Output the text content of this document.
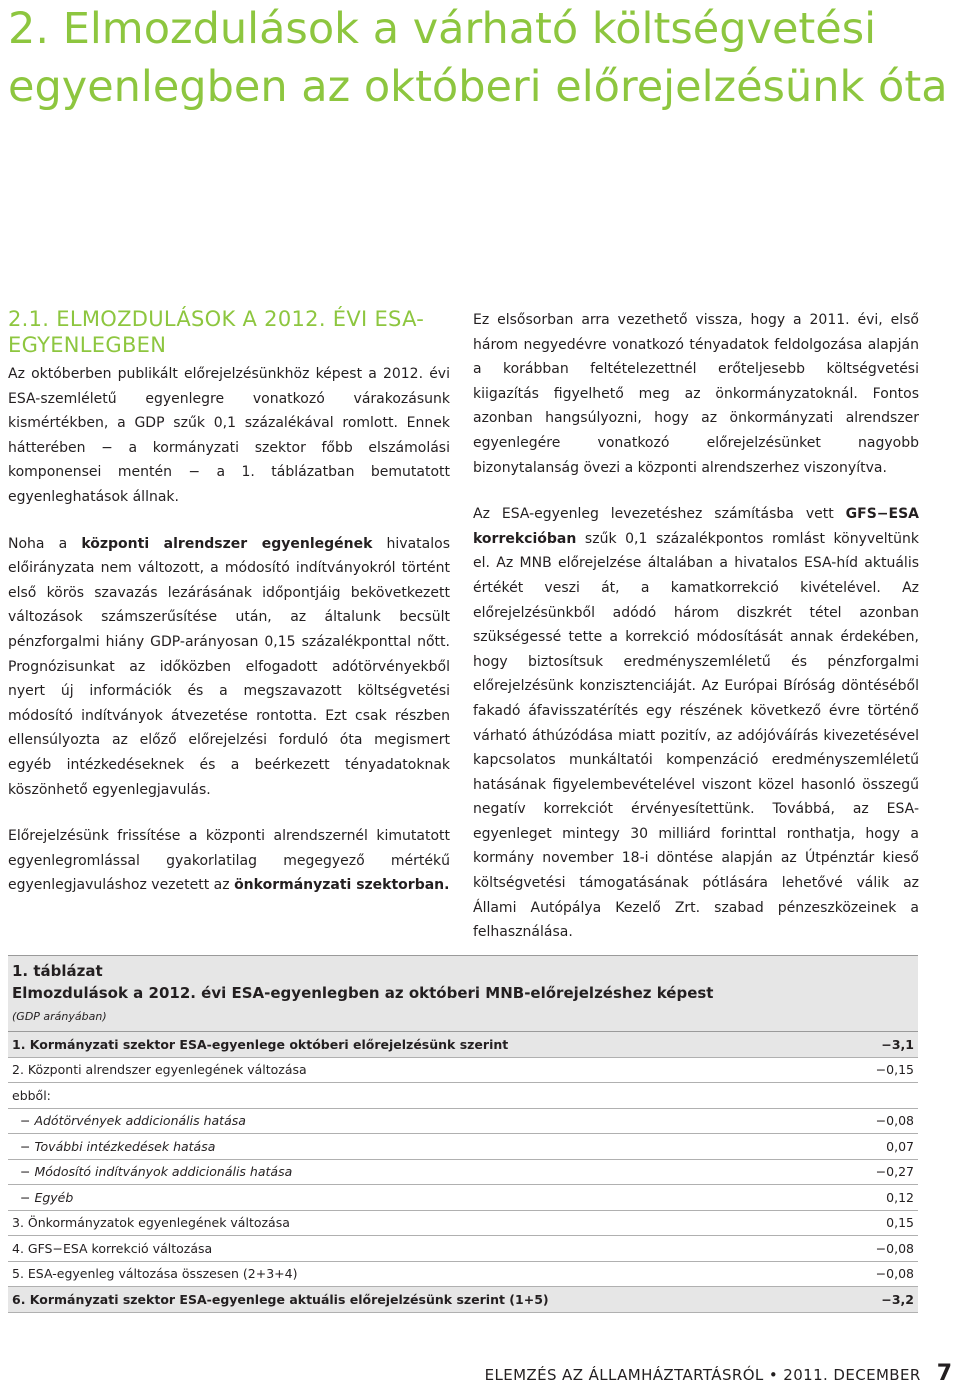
2. Elmozdulások a várható költségvetési egyenlegben az októberi előrejelzésünk óta
2.1. ELMOZDULÁSOK A 2012. ÉVI ESA-EGYENLEGBEN

Az októberben publikált előrejelzésünkhöz képest a 2012. évi ESA-szemléletű egyenlegre vonatkozó várakozásunk kismértékben, a GDP szűk 0,1 százalékával romlott. Ennek hátterében − a kormányzati szektor főbb elszámolási komponensei mentén − a 1. táblázatban bemutatott egyenleghatások állnak.

Noha a központi alrendszer egyenlegének hivatalos előirányzata nem változott, a módosító indítványokról történt első körös szavazás lezárásának időpontjáig bekövetkezett változások számszerűsítése után, az általunk becsült pénzforgalmi hiány GDP-arányosan 0,15 százalékponttal nőtt. Prognózisunkat az időközben elfogadott adótörvényekből nyert új információk és a megszavazott költségvetési módosító indítványok átvezetése rontotta. Ezt csak részben ellensúlyozta az előző előrejelzési forduló óta megismert egyéb intézkedéseknek és a beérkezett tényadatoknak köszönhető egyenlegjavulás.

Előrejelzésünk frissítése a központi alrendszernél kimutatott egyenlegromlással gyakorlatilag megegyező mértékű egyenlegjavuláshoz vezetett az önkormányzati szektorban.

Ez elsősorban arra vezethető vissza, hogy a 2011. évi, első három negyedévre vonatkozó tényadatok feldolgozása alapján a korábban feltételezettnél erőteljesebb költségvetési kiigazítás figyelhető meg az önkormányzatoknál. Fontos azonban hangsúlyozni, hogy az önkormányzati alrendszer egyenlegére vonatkozó előrejelzésünket nagyobb bizonytalanság övezi a központi alrendszerhez viszonyítva.

Az ESA-egyenleg levezetéshez számításba vett GFS−ESA korrekcióban szűk 0,1 százalékpontos romlást könyveltünk el. Az MNB előrejelzése általában a hivatalos ESA-híd aktuális értékét veszi át, a kamatkorrekció kivételével. Az előrejelzésünkből adódó három diszkrét tétel azonban szükségessé tette a korrekció módosítását annak érdekében, hogy biztosítsuk eredményszemléletű és pénzforgalmi előrejelzésünk konzisztenciáját. Az Európai Bíróság döntéséből fakadó áfavisszatérítés egy részének következő évre történő várható áthúzódása miatt pozitív, az adójóváírás kivezetésével kapcsolatos munkáltatói kompenzáció eredményszemléletű hatásának figyelembevételével viszont közel hasonló összegű negatív korrekciót érvényesítettünk. Továbbá, az ESA-egyenleget mintegy 30 milliárd forinttal ronthatja, hogy a kormány november 18-i döntése alapján az Útpénztár kieső költségvetési támogatásának pótlására lehetővé válik az Állami Autópálya Kezelő Zrt. szabad pénzeszközeinek a felhasználása.

1. táblázat
Elmozdulások a 2012. évi ESA-egyenlegben az októberi MNB-előrejelzéshez képest
(GDP arányában)
1. Kormányzati szektor ESA-egyenlege októberi előrejelzésünk szerint	−3,1
2. Központi alrendszer egyenlegének változása	−0,15
ebből:
− Adótörvények addicionális hatása	−0,08
− További intézkedések hatása	0,07
− Módosító indítványok addicionális hatása	−0,27
− Egyéb	0,12
3. Önkormányzatok egyenlegének változása	0,15
4. GFS−ESA korrekció változása	−0,08
5. ESA-egyenleg változása összesen (2+3+4)	−0,08
6. Kormányzati szektor ESA-egyenlege aktuális előrejelzésünk szerint (1+5)	−3,2
ELEMZÉS AZ ÁLLAMHÁZTARTÁSRÓL • 2011. DECEMBER 7
